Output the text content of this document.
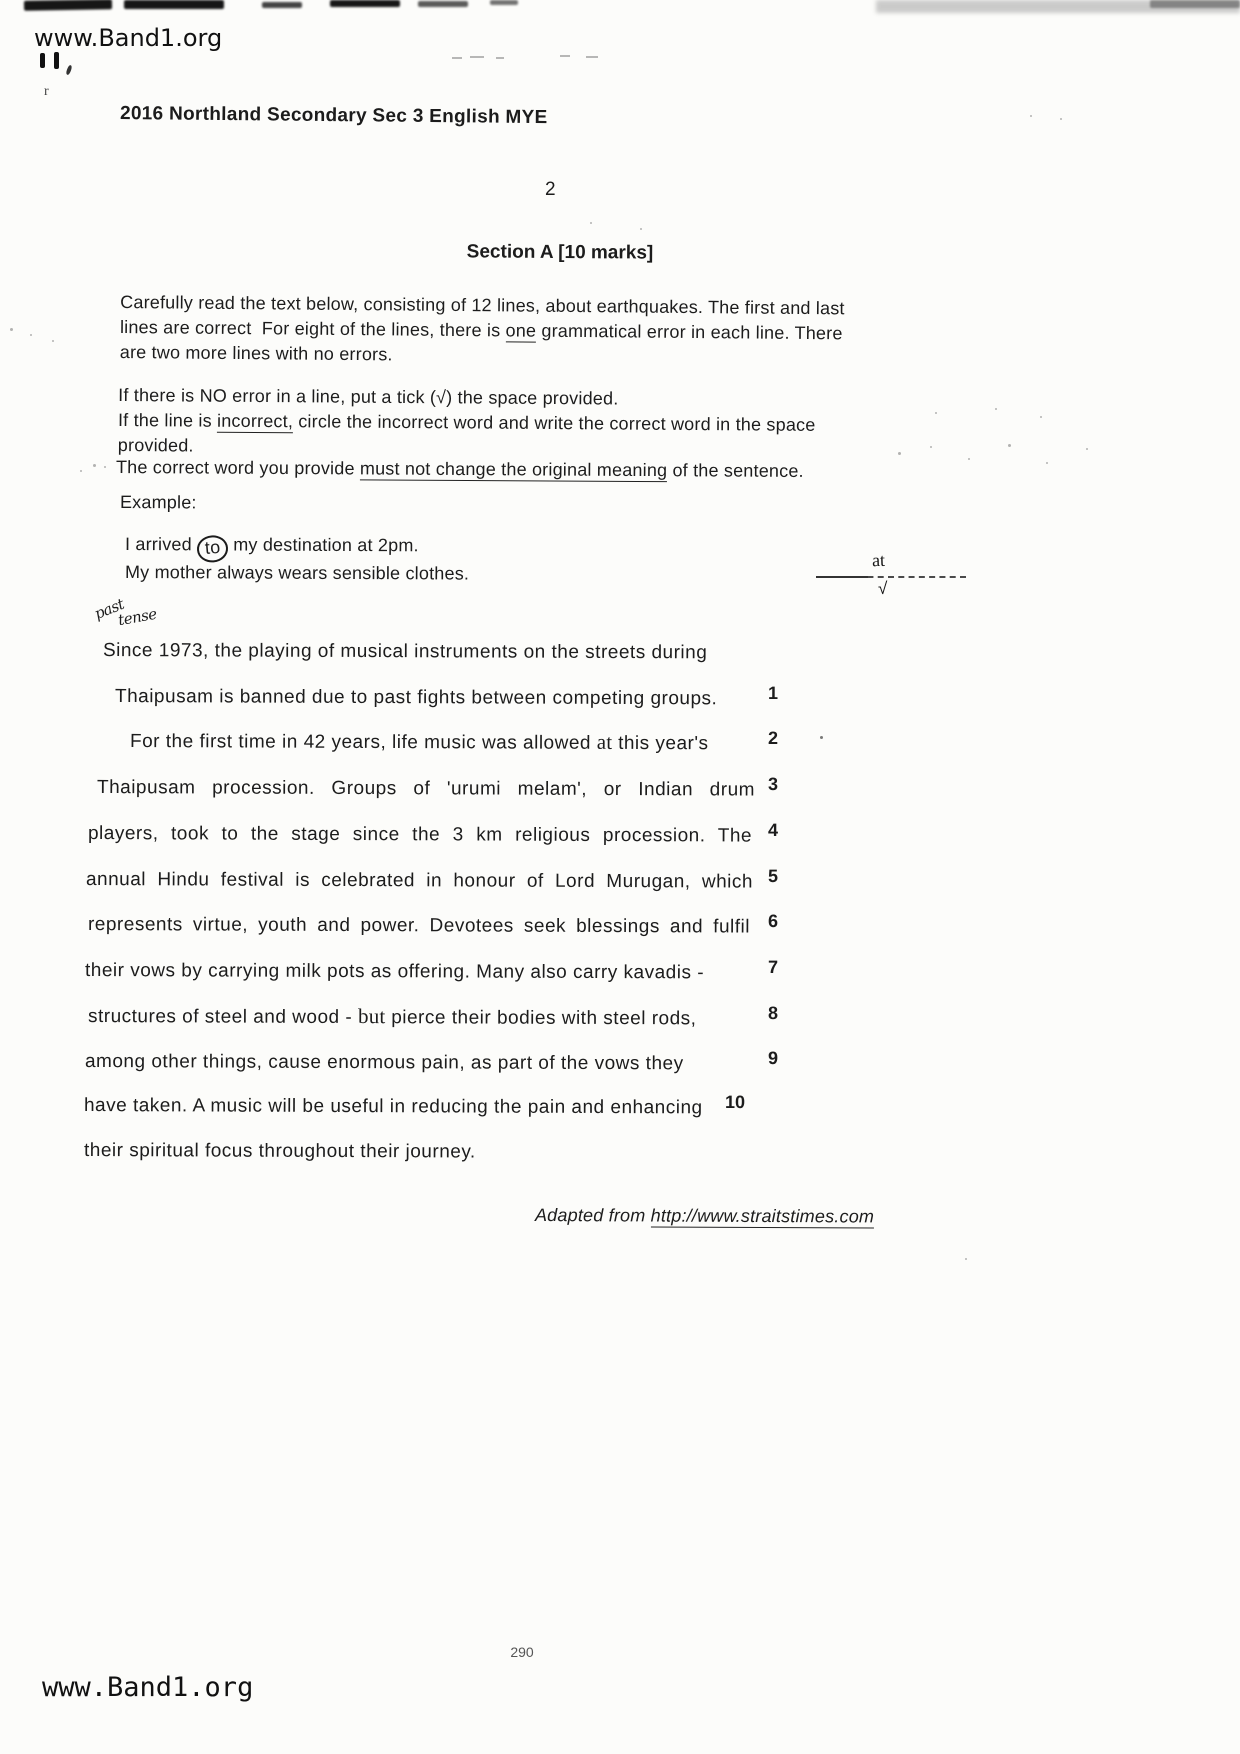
www.Band1.org
r
2016 Northland Secondary Sec 3 English MYE
2
Section A [10 marks]
Carefully read the text below, consisting of 12 lines, about earthquakes. The first and last
lines are correct  For eight of the lines, there is one grammatical error in each line. There
are two more lines with no errors.
If there is NO error in a line, put a tick (√) the space provided.
If the line is incorrect, circle the incorrect word and write the correct word in the space
provided.
The correct word you provide must not change the original meaning of the sentence.
Example:
I arrived to my destination at 2pm.
My mother always wears sensible clothes.
at
√
past
tense
Since 1973, the playing of musical instruments on the streets during
Thaipusam is banned due to past fights between competing groups.
For the first time in 42 years, life music was allowed at this year's
Thaipusam procession. Groups of 'urumi melam', or Indian drum
players, took to the stage since the 3 km religious procession. The
annual Hindu festival is celebrated in honour of Lord Murugan, which
represents virtue, youth and power. Devotees seek blessings and fulfil
their vows by carrying milk pots as offering. Many also carry kavadis -
structures of steel and wood - but pierce their bodies with steel rods,
among other things, cause enormous pain, as part of the vows they
have taken. A music will be useful in reducing the pain and enhancing
their spiritual focus throughout their journey.
1
2
3
4
5
6
7
8
9
10
Adapted from http://www.straitstimes.com
290
www.Band1.org
